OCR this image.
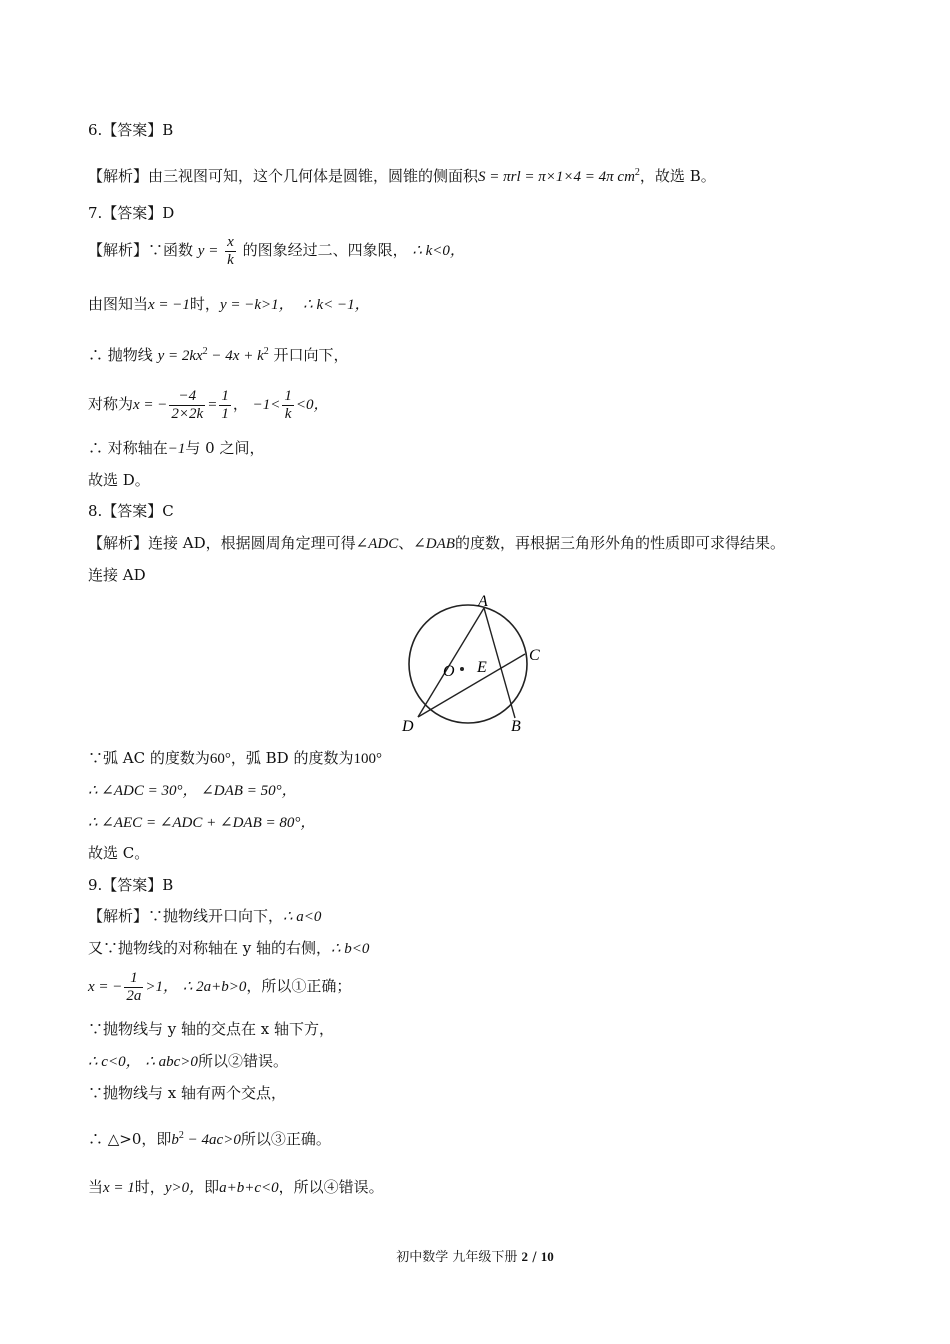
6.【答案】B
【解析】由三视图可知，这个几何体是圆锥，圆锥的侧面积S = πrl = π×1×4 = 4π $cm^2$，故选 B。
7.【答案】D
【解析】∵函数 $y = \frac{x}{k}$ 的图象经过二、四象限， ∴ k<0，
由图知当x = −1时，y = −k>1， ∴ k< −1，
∴ 抛物线 $y = 2kx^2 - 4x + k^2$ 开口向下，
对称为x = − $\frac{-4}{2\times 2k} = \frac{1}{1}$ ， $-1< \frac{1}{k} <0$，
∴ 对称轴在−1与 0 之间，
故选 D。
8.【答案】C
【解析】连接 AD，根据圆周角定理可得∠ADC、∠DAB的度数，再根据三角形外角的性质即可求得结果。
连接 AD
O E
A
C
B
D
∵弧 AC 的度数为60°，弧 BD 的度数为100°
∴ ∠ADC = 30°， ∠DAB = 50°，
∴ ∠AEC = ∠ADC + ∠DAB = 80°，
故选 C。
9.【答案】B
【解析】∵抛物线开口向下，∴ a<0
又∵抛物线的对称轴在 y 轴的右侧，∴ b<0
x = − $\frac{1}{2a} >1$， ∴ 2a+b>0，所以①正确；
∵抛物线与 y 轴的交点在 x 轴下方，
∴ c<0， ∴ abc>0所以②错误。
∵抛物线与 x 轴有两个交点，
∴ △>0，即$b^2 - 4ac>0$所以③正确。
当x = 1时，y>0，即a+b+c<0，所以④错误。
初中数学 九年级下册 2 / 10
